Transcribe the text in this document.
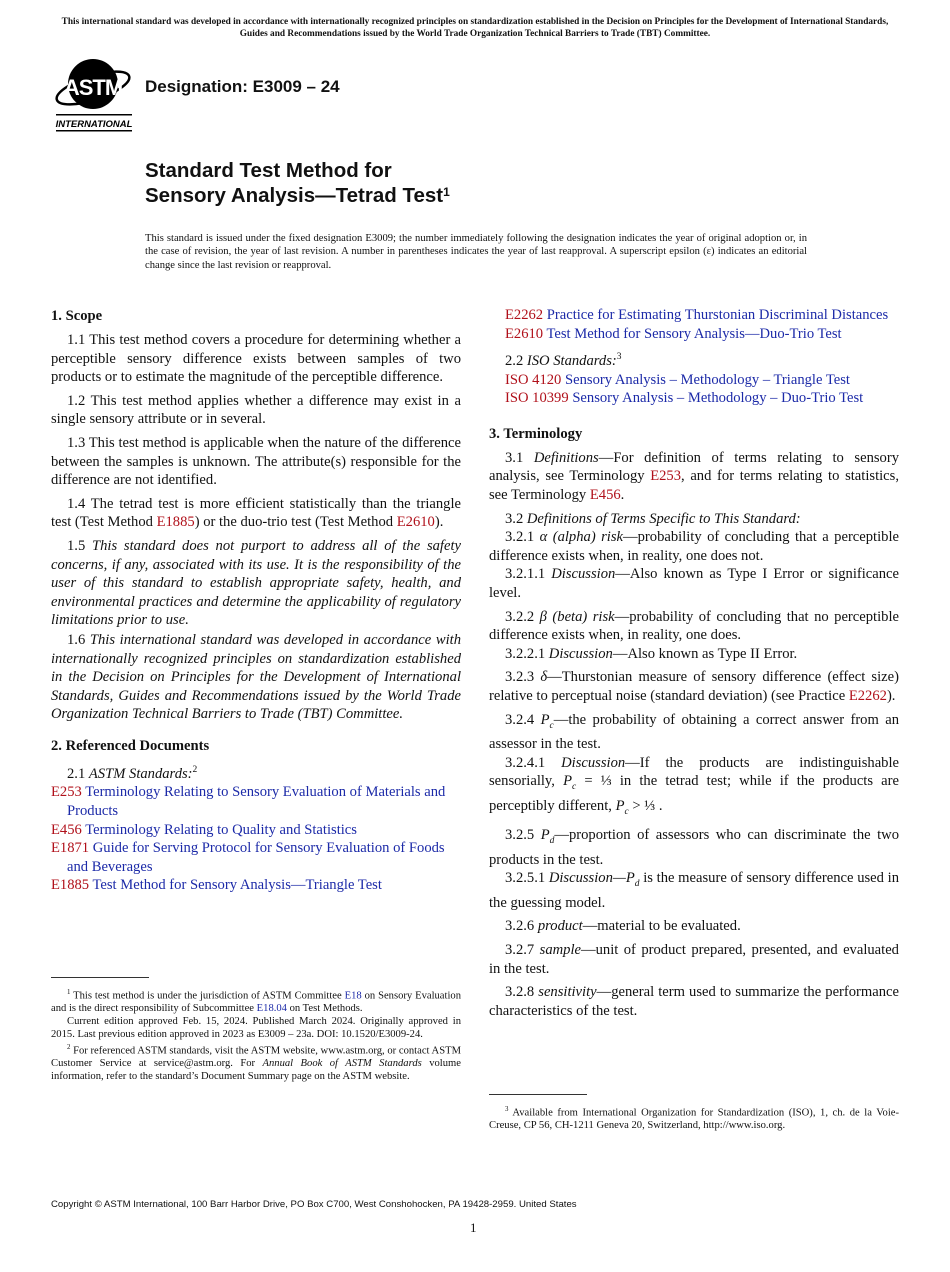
This international standard was developed in accordance with internationally recognized principles on standardization established in the Decision on Principles for the Development of International Standards, Guides and Recommendations issued by the World Trade Organization Technical Barriers to Trade (TBT) Committee.
ASTM
INTERNATIONAL
Designation: E3009 – 24
Standard Test Method for
Sensory Analysis—Tetrad Test$^1$
This standard is issued under the fixed designation E3009; the number immediately following the designation indicates the year of original adoption or, in the case of revision, the year of last revision. A number in parentheses indicates the year of last reapproval. A superscript epsilon (ε) indicates an editorial change since the last revision or reapproval.
1. Scope

1.1 This test method covers a procedure for determining whether a perceptible sensory difference exists between samples of two products or to estimate the magnitude of the perceptible difference.

1.2 This test method applies whether a difference may exist in a single sensory attribute or in several.

1.3 This test method is applicable when the nature of the difference between the samples is unknown. The attribute(s) responsible for the difference are not identified.

1.4 The tetrad test is more efficient statistically than the triangle test (Test Method E1885) or the duo-trio test (Test Method E2610).

1.5 This standard does not purport to address all of the safety concerns, if any, associated with its use. It is the responsibility of the user of this standard to establish appropriate safety, health, and environmental practices and determine the applicability of regulatory limitations prior to use.

1.6 This international standard was developed in accordance with internationally recognized principles on standardization established in the Decision on Principles for the Development of International Standards, Guides and Recommendations issued by the World Trade Organization Technical Barriers to Trade (TBT) Committee.

2. Referenced Documents

2.1 ASTM Standards:$^2$

E253 Terminology Relating to Sensory Evaluation of Materials and Products

E456 Terminology Relating to Quality and Statistics

E1871 Guide for Serving Protocol for Sensory Evaluation of Foods and Beverages

E1885 Test Method for Sensory Analysis—Triangle Test

$^1$ This test method is under the jurisdiction of ASTM Committee E18 on Sensory Evaluation and is the direct responsibility of Subcommittee E18.04 on Test Methods.

Current edition approved Feb. 15, 2024. Published March 2024. Originally approved in 2015. Last previous edition approved in 2023 as E3009 – 23a. DOI: 10.1520/E3009-24.

$^2$ For referenced ASTM standards, visit the ASTM website, www.astm.org, or contact ASTM Customer Service at service@astm.org. For Annual Book of ASTM Standards volume information, refer to the standard’s Document Summary page on the ASTM website.

E2262 Practice for Estimating Thurstonian Discriminal Distances

E2610 Test Method for Sensory Analysis—Duo-Trio Test

2.2 ISO Standards:$^3$

ISO 4120 Sensory Analysis – Methodology – Triangle Test

ISO 10399 Sensory Analysis – Methodology – Duo-Trio Test

3. Terminology

3.1 Definitions—For definition of terms relating to sensory analysis, see Terminology E253, and for terms relating to statistics, see Terminology E456.

3.2 Definitions of Terms Specific to This Standard:

3.2.1 α (alpha) risk—probability of concluding that a perceptible difference exists when, in reality, one does not.

3.2.1.1 Discussion—Also known as Type I Error or significance level.

3.2.2 β (beta) risk—probability of concluding that no perceptible difference exists when, in reality, one does.

3.2.2.1 Discussion—Also known as Type II Error.

3.2.3 δ—Thurstonian measure of sensory difference (effect size) relative to perceptual noise (standard deviation) (see Practice E2262).

3.2.4 $P_c—the$ probability of obtaining a correct answer from an assessor in the test.

3.2.4.1 Discussion—If the products are indistinguishable sensorially, $P_c$ = ⅓ in the tetrad test; while if the products are perceptibly different, $P_c$ > ⅓ .

3.2.5 $P_d—proportion$ of assessors who can discriminate the two products in the test.

3.2.5.1 $Discussion—P_d$ is the measure of sensory difference used in the guessing model.

3.2.6 product—material to be evaluated.

3.2.7 sample—unit of product prepared, presented, and evaluated in the test.

3.2.8 sensitivity—general term used to summarize the performance characteristics of the test.

$^3$ Available from International Organization for Standardization (ISO), 1, ch. de la Voie-Creuse, CP 56, CH-1211 Geneva 20, Switzerland, http://www.iso.org.

Copyright © ASTM International, 100 Barr Harbor Drive, PO Box C700, West Conshohocken, PA 19428-2959. United States
1
